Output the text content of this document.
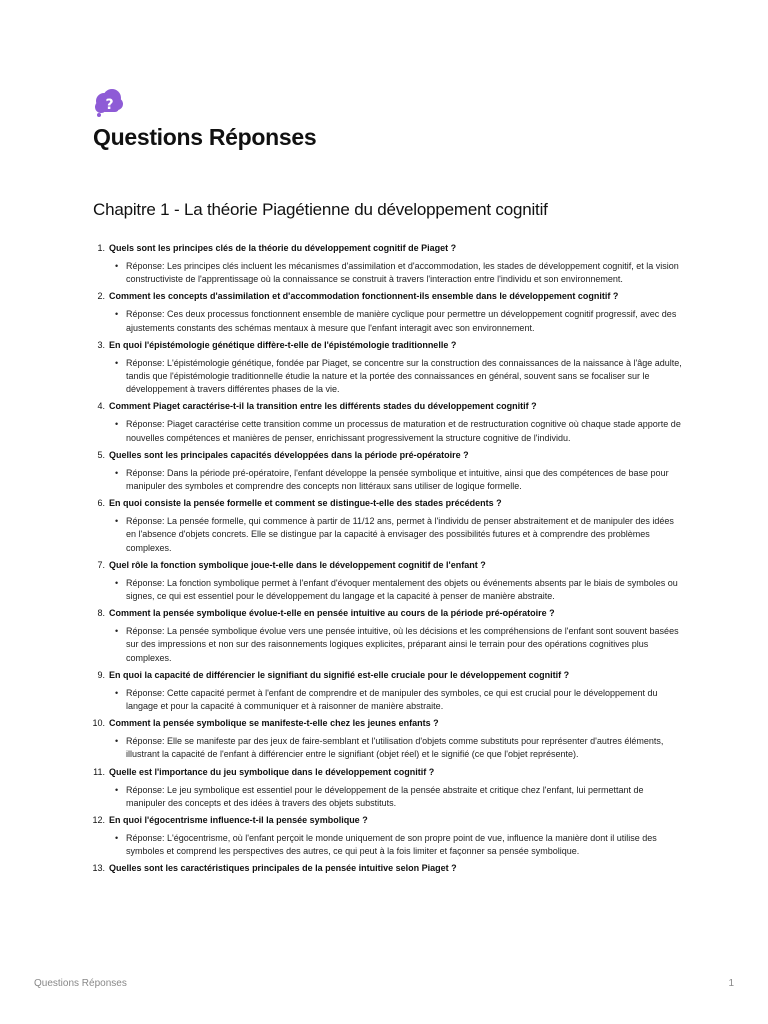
?
Questions Réponses
Chapitre 1 - La théorie Piagétienne du développement cognitif
1. Quels sont les principes clés de la théorie du développement cognitif de Piaget ?
• Réponse: Les principes clés incluent les mécanismes d'assimilation et d'accommodation, les stades de développement cognitif, et la vision constructiviste de l'apprentissage où la connaissance se construit à travers l'interaction entre l'individu et son environnement.
2. Comment les concepts d'assimilation et d'accommodation fonctionnent-ils ensemble dans le développement cognitif ?
• Réponse: Ces deux processus fonctionnent ensemble de manière cyclique pour permettre un développement cognitif progressif, avec des ajustements constants des schémas mentaux à mesure que l'enfant interagit avec son environnement.
3. En quoi l'épistémologie génétique diffère-t-elle de l'épistémologie traditionnelle ?
• Réponse: L'épistémologie génétique, fondée par Piaget, se concentre sur la construction des connaissances de la naissance à l'âge adulte, tandis que l'épistémologie traditionnelle étudie la nature et la portée des connaissances en général, souvent sans se focaliser sur le développement à travers différentes phases de la vie.
4. Comment Piaget caractérise-t-il la transition entre les différents stades du développement cognitif ?
• Réponse: Piaget caractérise cette transition comme un processus de maturation et de restructuration cognitive où chaque stade apporte de nouvelles compétences et manières de penser, enrichissant progressivement la structure cognitive de l'individu.
5. Quelles sont les principales capacités développées dans la période pré-opératoire ?
• Réponse: Dans la période pré-opératoire, l'enfant développe la pensée symbolique et intuitive, ainsi que des compétences de base pour manipuler des symboles et comprendre des concepts non littéraux sans utiliser de logique formelle.
6. En quoi consiste la pensée formelle et comment se distingue-t-elle des stades précédents ?
• Réponse: La pensée formelle, qui commence à partir de 11/12 ans, permet à l'individu de penser abstraitement et de manipuler des idées en l'absence d'objets concrets. Elle se distingue par la capacité à envisager des possibilités futures et à comprendre des problèmes complexes.
7. Quel rôle la fonction symbolique joue-t-elle dans le développement cognitif de l'enfant ?
• Réponse: La fonction symbolique permet à l'enfant d'évoquer mentalement des objets ou événements absents par le biais de symboles ou signes, ce qui est essentiel pour le développement du langage et la capacité à penser de manière abstraite.
8. Comment la pensée symbolique évolue-t-elle en pensée intuitive au cours de la période pré-opératoire ?
• Réponse: La pensée symbolique évolue vers une pensée intuitive, où les décisions et les compréhensions de l'enfant sont souvent basées sur des impressions et non sur des raisonnements logiques explicites, préparant ainsi le terrain pour des opérations cognitives plus complexes.
9. En quoi la capacité de différencier le signifiant du signifié est-elle cruciale pour le développement cognitif ?
• Réponse: Cette capacité permet à l'enfant de comprendre et de manipuler des symboles, ce qui est crucial pour le développement du langage et pour la capacité à communiquer et à raisonner de manière abstraite.
10. Comment la pensée symbolique se manifeste-t-elle chez les jeunes enfants ?
• Réponse: Elle se manifeste par des jeux de faire-semblant et l'utilisation d'objets comme substituts pour représenter d'autres éléments, illustrant la capacité de l'enfant à différencier entre le signifiant (objet réel) et le signifié (ce que l'objet représente).
11. Quelle est l'importance du jeu symbolique dans le développement cognitif ?
• Réponse: Le jeu symbolique est essentiel pour le développement de la pensée abstraite et critique chez l'enfant, lui permettant de manipuler des concepts et des idées à travers des objets substituts.
12. En quoi l'égocentrisme influence-t-il la pensée symbolique ?
• Réponse: L'égocentrisme, où l'enfant perçoit le monde uniquement de son propre point de vue, influence la manière dont il utilise des symboles et comprend les perspectives des autres, ce qui peut à la fois limiter et façonner sa pensée symbolique.
13. Quelles sont les caractéristiques principales de la pensée intuitive selon Piaget ?
Questions Réponses	1
